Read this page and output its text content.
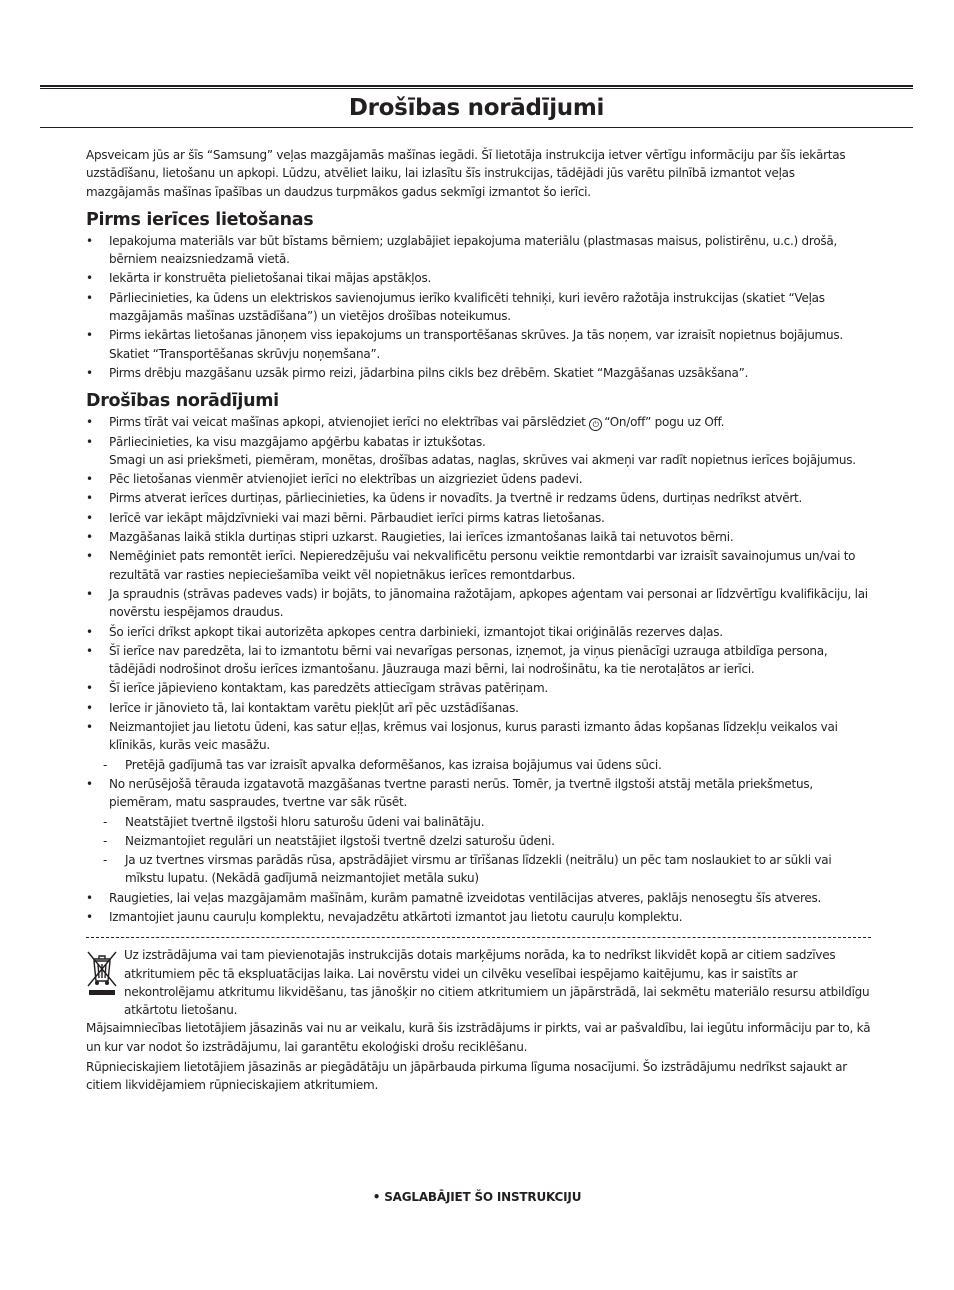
Drošības norādījumi

Apsveicam jūs ar šīs “Samsung” veļas mazgājamās mašīnas iegādi. Šī lietotāja instrukcija ietver vērtīgu informāciju par šīs iekārtas uzstādīšanu, lietošanu un apkopi. Lūdzu, atvēliet laiku, lai izlasītu šīs instrukcijas, tādējādi jūs varētu pilnībā izmantot veļas mazgājamās mašīnas īpašības un daudzus turpmākos gadus sekmīgi izmantot šo ierīci.

Pirms ierīces lietošanas
• Iepakojuma materiāls var būt bīstams bērniem; uzglabājiet iepakojuma materiālu (plastmasas maisus, polistirēnu, u.c.) drošā, bērniem neaizsniedzamā vietā.
• Iekārta ir konstruēta pielietošanai tikai mājas apstākļos.
• Pārliecinieties, ka ūdens un elektriskos savienojumus ierīko kvalificēti tehniķi, kuri ievēro ražotāja instrukcijas (skatiet “Veļas mazgājamās mašīnas uzstādīšana”) un vietējos drošības noteikumus.
• Pirms iekārtas lietošanas jānoņem viss iepakojums un transportēšanas skrūves. Ja tās noņem, var izraisīt nopietnus bojājumus. Skatiet “Transportēšanas skrūvju noņemšana”.
• Pirms drēbju mazgāšanu uzsāk pirmo reizi, jādarbina pilns cikls bez drēbēm. Skatiet “Mazgāšanas uzsākšana”.
Drošības norādījumi
• Pirms tīrāt vai veicat mašīnas apkopi, atvienojiet ierīci no elektrības vai pārslēdziet ⏻ “On/off” pogu uz Off.
• Pārliecinieties, ka visu mazgājamo apģērbu kabatas ir iztukšotas.
Smagi un asi priekšmeti, piemēram, monētas, drošības adatas, naglas, skrūves vai akmeņi var radīt nopietnus ierīces bojājumus.
• Pēc lietošanas vienmēr atvienojiet ierīci no elektrības un aizgrieziet ūdens padevi.
• Pirms atverat ierīces durtiņas, pārliecinieties, ka ūdens ir novadīts. Ja tvertnē ir redzams ūdens, durtiņas nedrīkst atvērt.
• Ierīcē var iekāpt mājdzīvnieki vai mazi bērni. Pārbaudiet ierīci pirms katras lietošanas.
• Mazgāšanas laikā stikla durtiņas stipri uzkarst. Raugieties, lai ierīces izmantošanas laikā tai netuvotos bērni.
• Nemēģiniet pats remontēt ierīci. Nepieredzējušu vai nekvalificētu personu veiktie remontdarbi var izraisīt savainojumus un/vai to rezultātā var rasties nepieciešamība veikt vēl nopietnākus ierīces remontdarbus.
• Ja spraudnis (strāvas padeves vads) ir bojāts, to jānomaina ražotājam, apkopes aģentam vai personai ar līdzvērtīgu kvalifikāciju, lai novērstu iespējamos draudus.
• Šo ierīci drīkst apkopt tikai autorizēta apkopes centra darbinieki, izmantojot tikai oriģinālās rezerves daļas.
• Šī ierīce nav paredzēta, lai to izmantotu bērni vai nevarīgas personas, izņemot, ja viņus pienācīgi uzrauga atbildīga persona, tādējādi nodrošinot drošu ierīces izmantošanu. Jāuzrauga mazi bērni, lai nodrošinātu, ka tie nerotaļātos ar ierīci.
• Šī ierīce jāpievieno kontaktam, kas paredzēts attiecīgam strāvas patēriņam.
• Ierīce ir jānovieto tā, lai kontaktam varētu piekļūt arī pēc uzstādīšanas.
• Neizmantojiet jau lietotu ūdeni, kas satur eļļas, krēmus vai losjonus, kurus parasti izmanto ādas kopšanas līdzekļu veikalos vai klīnikās, kurās veic masāžu.
- Pretējā gadījumā tas var izraisīt apvalka deformēšanos, kas izraisa bojājumus vai ūdens sūci.
• No nerūsējošā tērauda izgatavotā mazgāšanas tvertne parasti nerūs. Tomēr, ja tvertnē ilgstoši atstāj metāla priekšmetus, piemēram, matu saspraudes, tvertne var sāk rūsēt.
- Neatstājiet tvertnē ilgstoši hloru saturošu ūdeni vai balinātāju.
- Neizmantojiet regulāri un neatstājiet ilgstoši tvertnē dzelzi saturošu ūdeni.
- Ja uz tvertnes virsmas parādās rūsa, apstrādājiet virsmu ar tīrīšanas līdzekli (neitrālu) un pēc tam noslaukiet to ar sūkli vai mīkstu lupatu. (Nekādā gadījumā neizmantojiet metāla suku)
• Raugieties, lai veļas mazgājamām mašīnām, kurām pamatnē izveidotas ventilācijas atveres, paklājs nenosegtu šīs atveres.
• Izmantojiet jaunu cauruļu komplektu, nevajadzētu atkārtoti izmantot jau lietotu cauruļu komplektu.

Uz izstrādājuma vai tam pievienotajās instrukcijās dotais marķējums norāda, ka to nedrīkst likvidēt kopā ar citiem sadzīves atkritumiem pēc tā ekspluatācijas laika. Lai novērstu videi un cilvēku veselībai iespējamo kaitējumu, kas ir saistīts ar nekontrolējamu atkritumu likvidēšanu, tas jānošķir no citiem atkritumiem un jāpārstrādā, lai sekmētu materiālo resursu atbildīgu atkārtotu lietošanu.

Mājsaimniecības lietotājiem jāsazinās vai nu ar veikalu, kurā šis izstrādājums ir pirkts, vai ar pašvaldību, lai iegūtu informāciju par to, kā un kur var nodot šo izstrādājumu, lai garantētu ekoloģiski drošu reciklēšanu.

Rūpnieciskajiem lietotājiem jāsazinās ar piegādātāju un jāpārbauda pirkuma līguma nosacījumi. Šo izstrādājumu nedrīkst sajaukt ar citiem likvidējamiem rūpnieciskajiem atkritumiem.

• SAGLABĀJIET ŠO INSTRUKCIJU
